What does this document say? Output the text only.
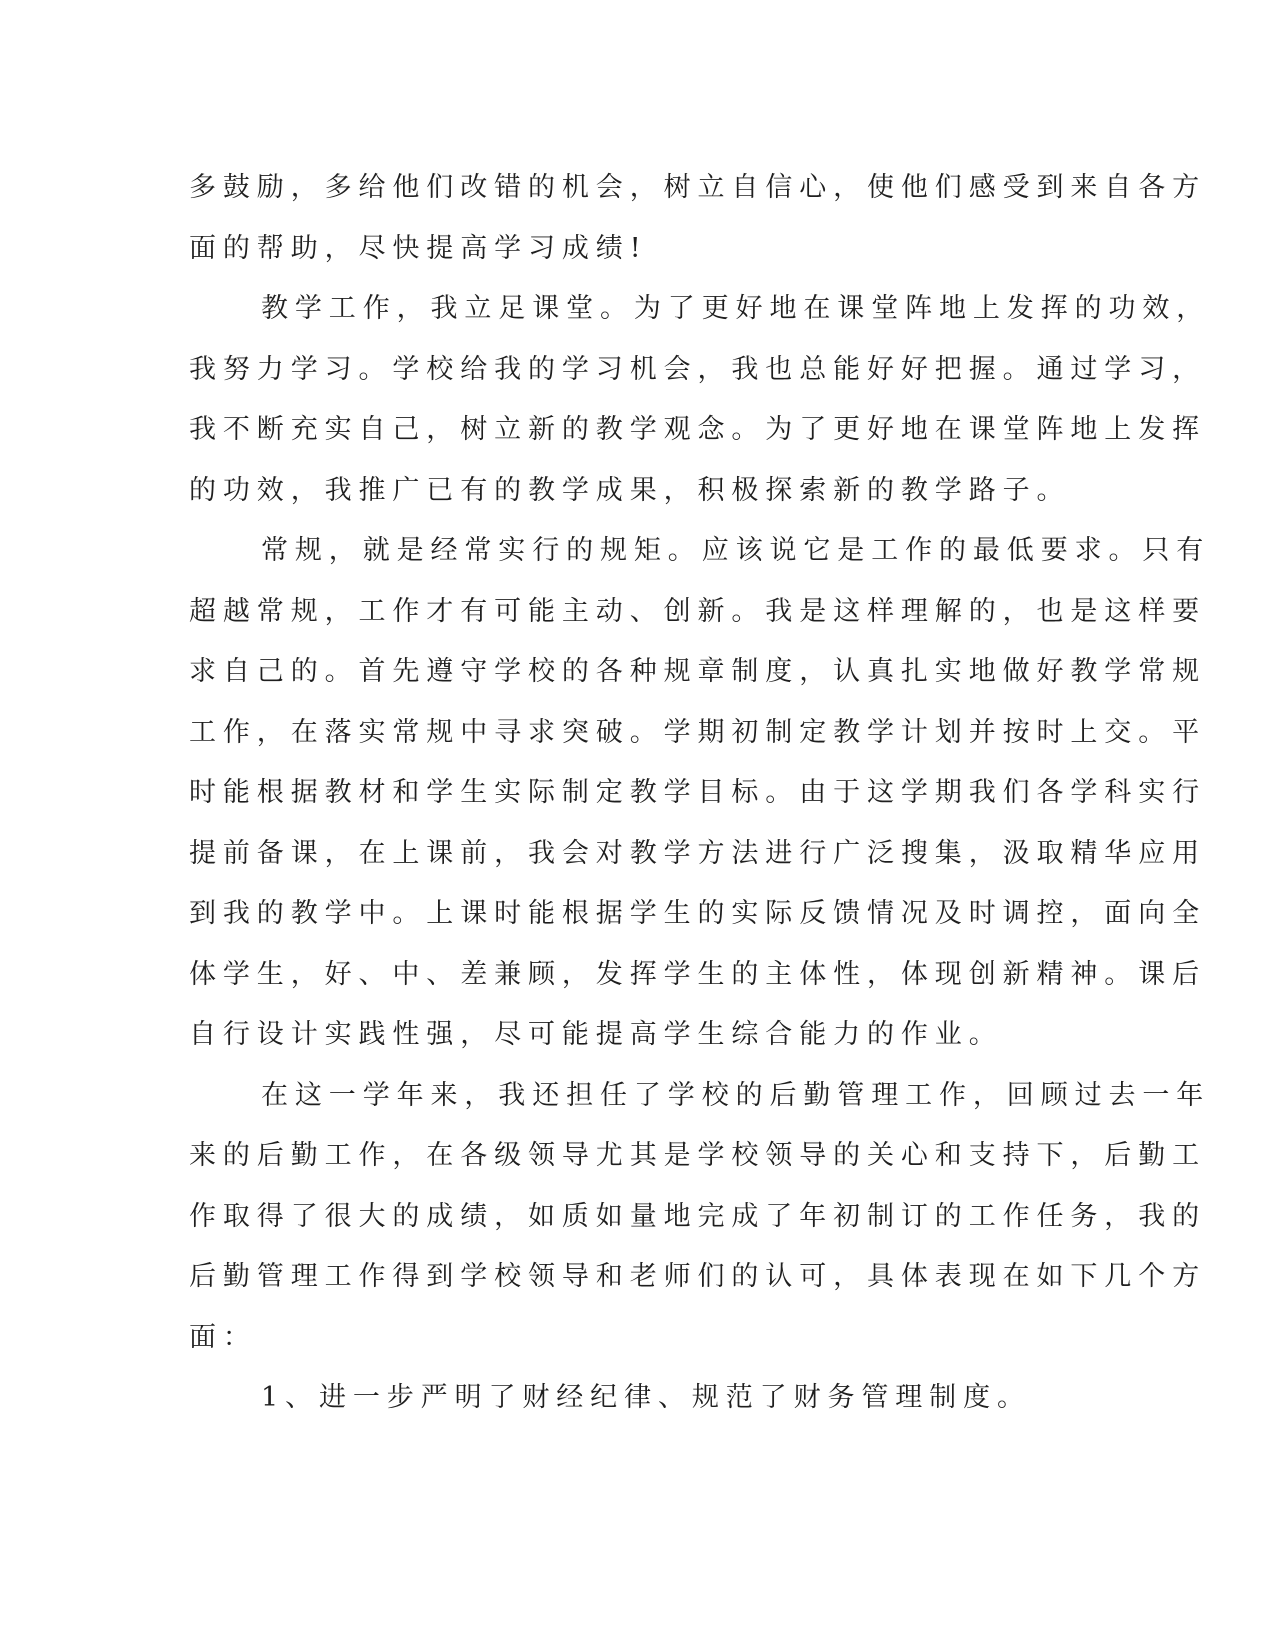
多鼓励，多给他们改错的机会，树立自信心，使他们感受到来自各方
面的帮助，尽快提高学习成绩!
教学工作，我立足课堂。为了更好地在课堂阵地上发挥的功效，
我努力学习。学校给我的学习机会，我也总能好好把握。通过学习，
我不断充实自己，树立新的教学观念。为了更好地在课堂阵地上发挥
的功效，我推广已有的教学成果，积极探索新的教学路子。
常规，就是经常实行的规矩。应该说它是工作的最低要求。只有
超越常规，工作才有可能主动、创新。我是这样理解的，也是这样要
求自己的。首先遵守学校的各种规章制度，认真扎实地做好教学常规
工作，在落实常规中寻求突破。学期初制定教学计划并按时上交。平
时能根据教材和学生实际制定教学目标。由于这学期我们各学科实行
提前备课，在上课前，我会对教学方法进行广泛搜集，汲取精华应用
到我的教学中。上课时能根据学生的实际反馈情况及时调控，面向全
体学生，好、中、差兼顾，发挥学生的主体性，体现创新精神。课后
自行设计实践性强，尽可能提高学生综合能力的作业。
在这一学年来，我还担任了学校的后勤管理工作，回顾过去一年
来的后勤工作，在各级领导尤其是学校领导的关心和支持下，后勤工
作取得了很大的成绩，如质如量地完成了年初制订的工作任务，我的
后勤管理工作得到学校领导和老师们的认可，具体表现在如下几个方
面：
1、进一步严明了财经纪律、规范了财务管理制度。
